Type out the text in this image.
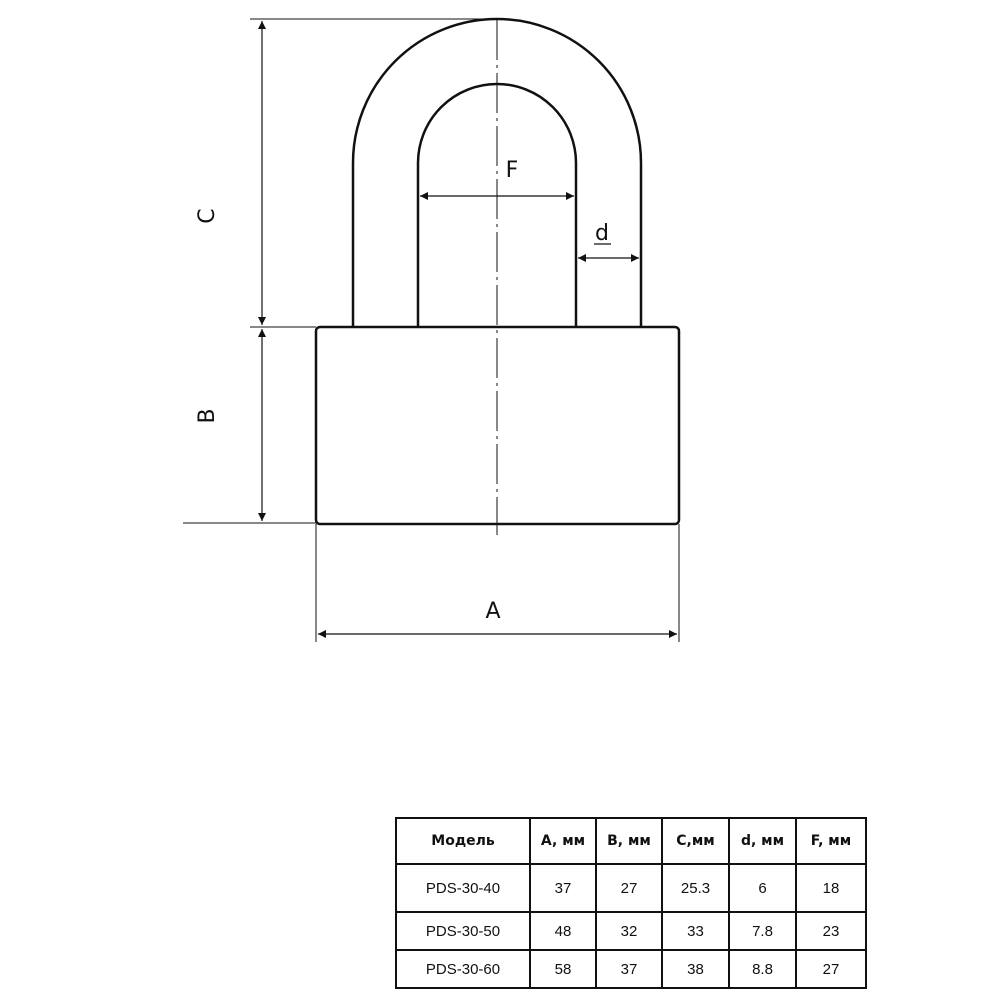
C
B
A
F
d
Модель	A, мм	B, мм	C,мм	d, мм	F, мм
PDS-30-40	37	27	25.3	6	18
PDS-30-50	48	32	33	7.8	23
PDS-30-60	58	37	38	8.8	27
